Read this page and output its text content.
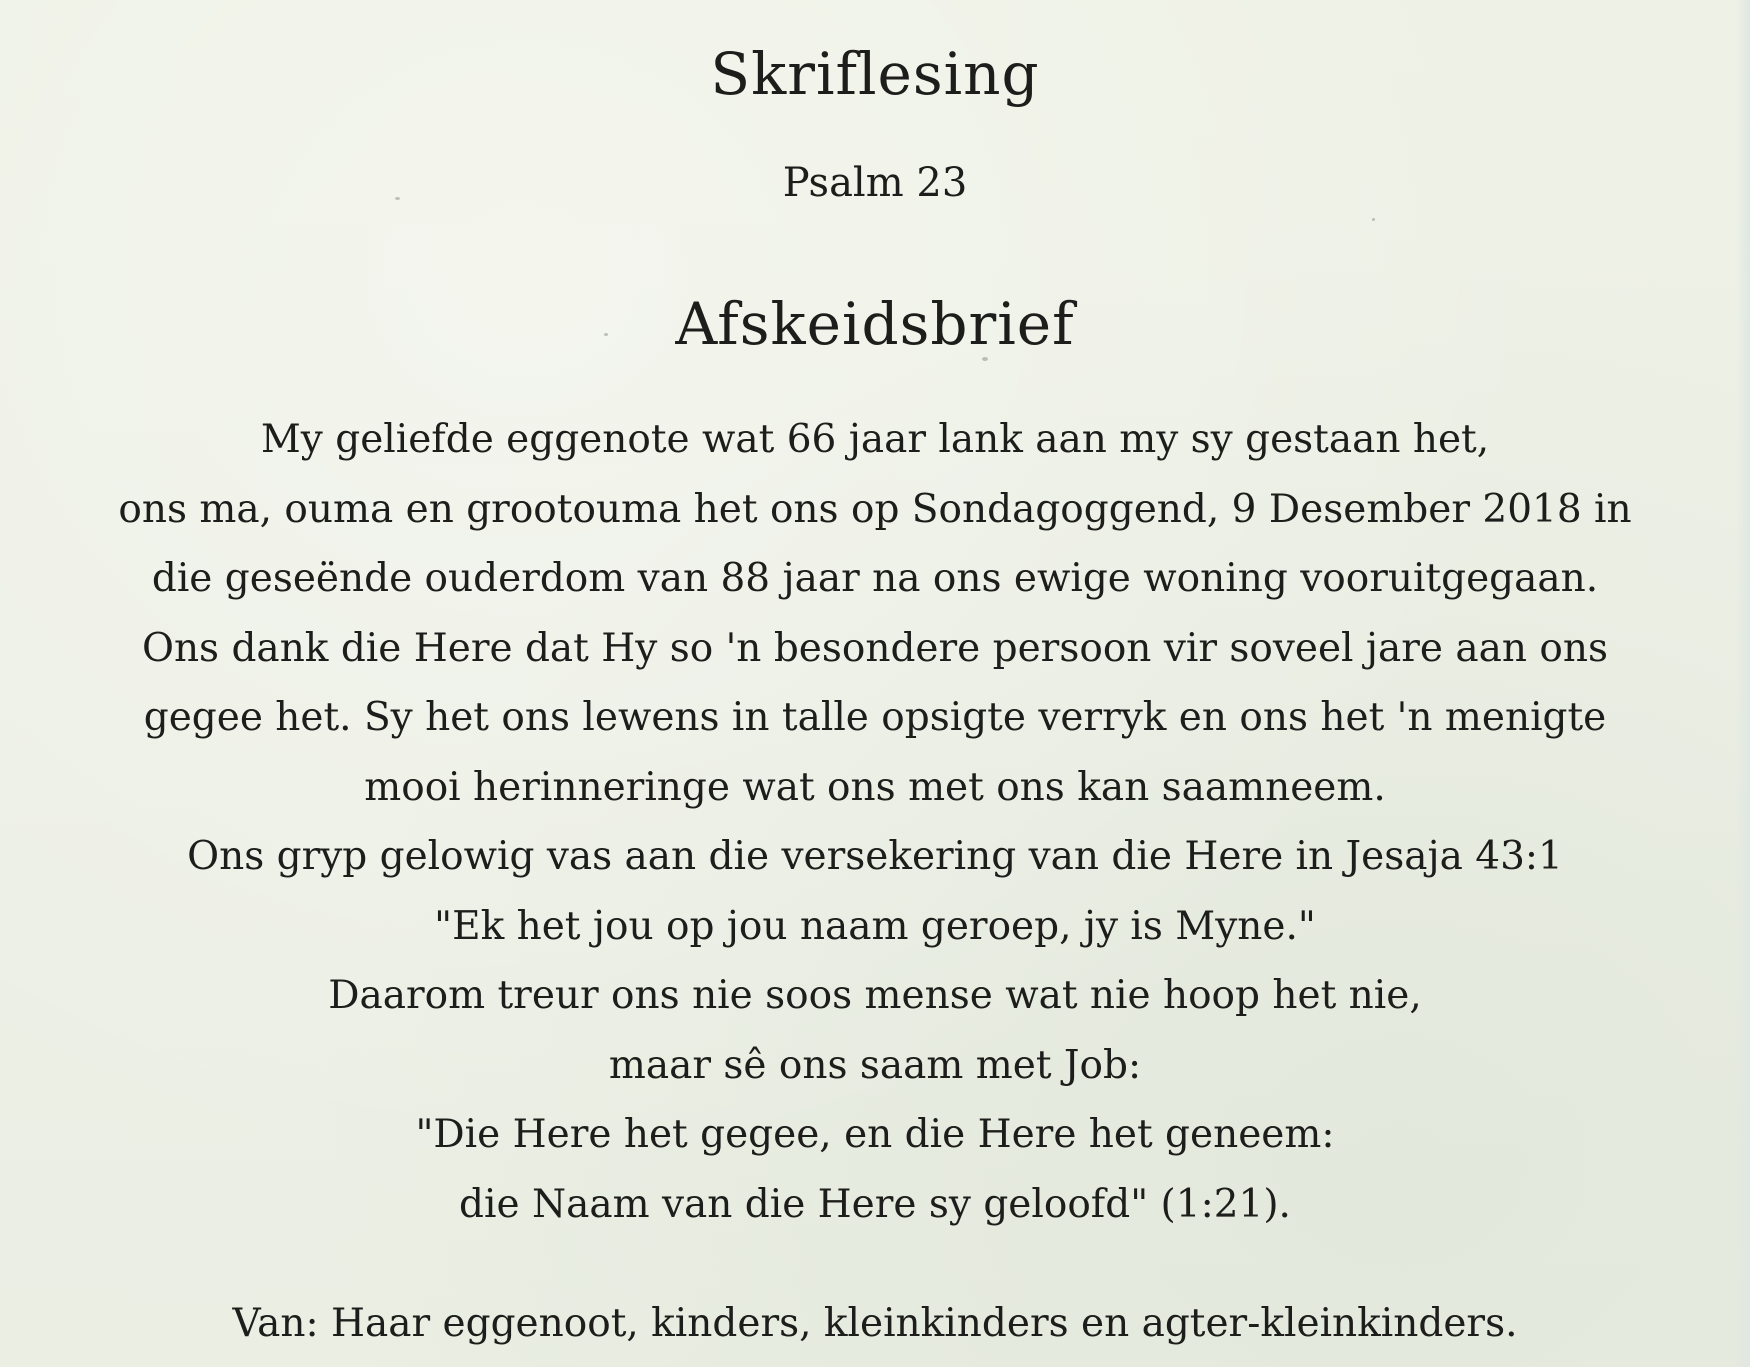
Skriflesing
Psalm 23
Afskeidsbrief
My geliefde eggenote wat 66 jaar lank aan my sy gestaan het,
ons ma, ouma en grootouma het ons op Sondagoggend, 9 Desember 2018 in
die geseënde ouderdom van 88 jaar na ons ewige woning vooruitgegaan.
Ons dank die Here dat Hy so 'n besondere persoon vir soveel jare aan ons
gegee het. Sy het ons lewens in talle opsigte verryk en ons het 'n menigte
mooi herinneringe wat ons met ons kan saamneem.
Ons gryp gelowig vas aan die versekering van die Here in Jesaja 43:1
"Ek het jou op jou naam geroep, jy is Myne."
Daarom treur ons nie soos mense wat nie hoop het nie,
maar sê ons saam met Job:
"Die Here het gegee, en die Here het geneem:
die Naam van die Here sy geloofd" (1:21).

Van: Haar eggenoot, kinders, kleinkinders en agter-kleinkinders.
